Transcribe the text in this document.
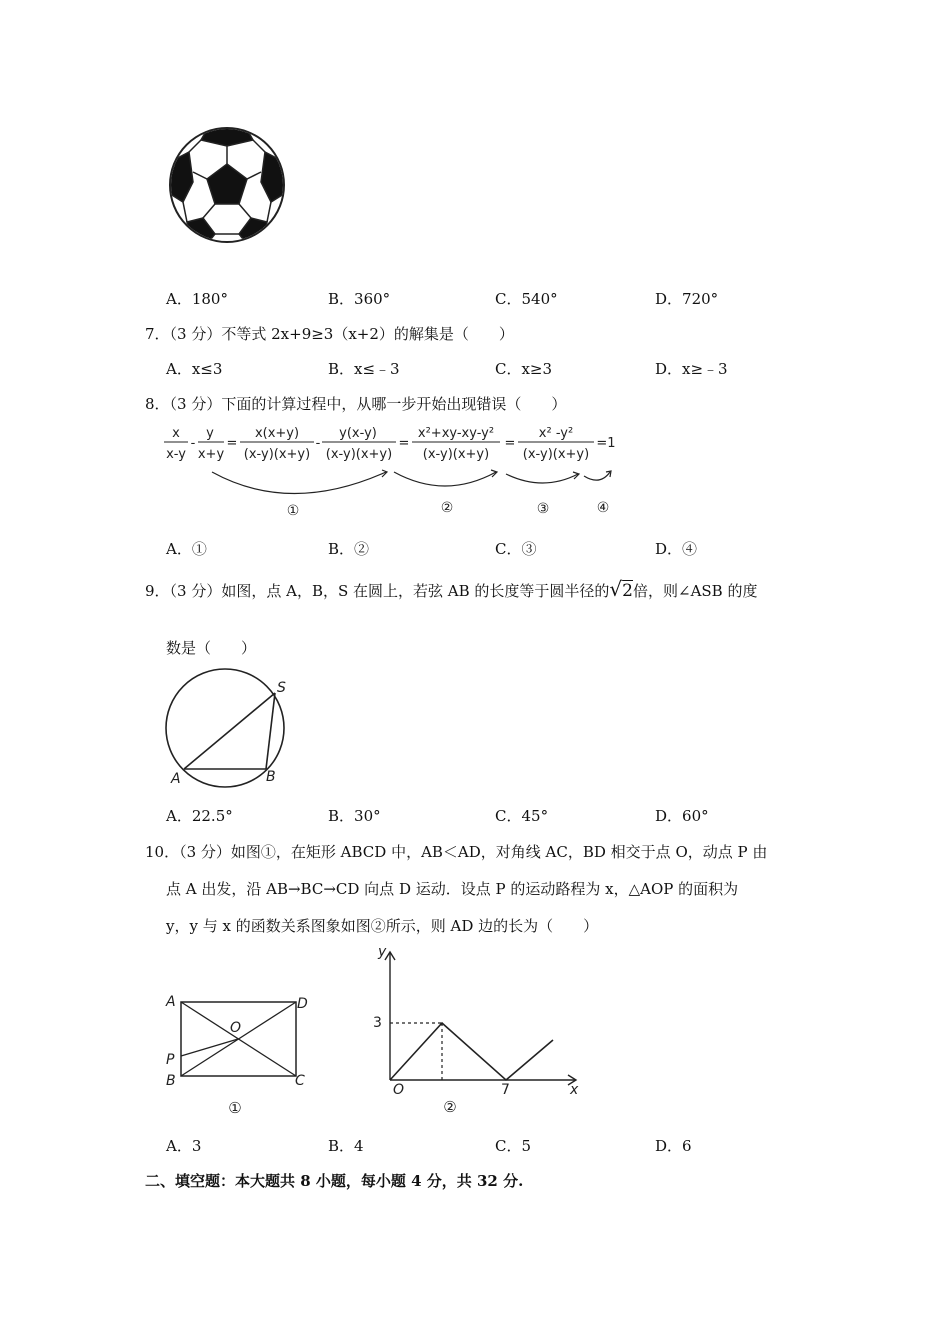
A．180°	B．360°	C．540°	D．720°
7．（3 分）不等式 2x+9≥3（x+2）的解集是（　　）
A．x≤3	B．x≤﹣3	C．x≥3	D．x≥﹣3
8．（3 分）下面的计算过程中，从哪一步开始出现错误（　　）
x
x-y
-
y
x+y
=
x(x+y)
(x-y)(x+y)
-
y(x-y)
(x-y)(x+y)
=
x²+xy-xy-y²
(x-y)(x+y)
=
x² -y²
(x-y)(x+y)
=1
①	②	③	④
A．①	B．②	C．③	D．④
9．（3 分）如图，点 A，B，S 在圆上，若弦 AB 的长度等于圆半径的√2倍，则∠ASB 的度
数是（　　）
S
A	B
A．22.5°	B．30°	C．45°	D．60°
10．（3 分）如图①，在矩形 ABCD 中，AB＜AD，对角线 AC，BD 相交于点 O，动点 P 由
点 A 出发，沿 AB→BC→CD 向点 D 运动．设点 P 的运动路程为 x，△AOP 的面积为
y，y 与 x 的函数关系图象如图②所示，则 AD 边的长为（　　）
A	D
O
P
B	C
①
y
x
O
3
7
②
A．3	B．4	C．5	D．6
二、填空题：本大题共 8 小题，每小题 4 分，共 32 分.
